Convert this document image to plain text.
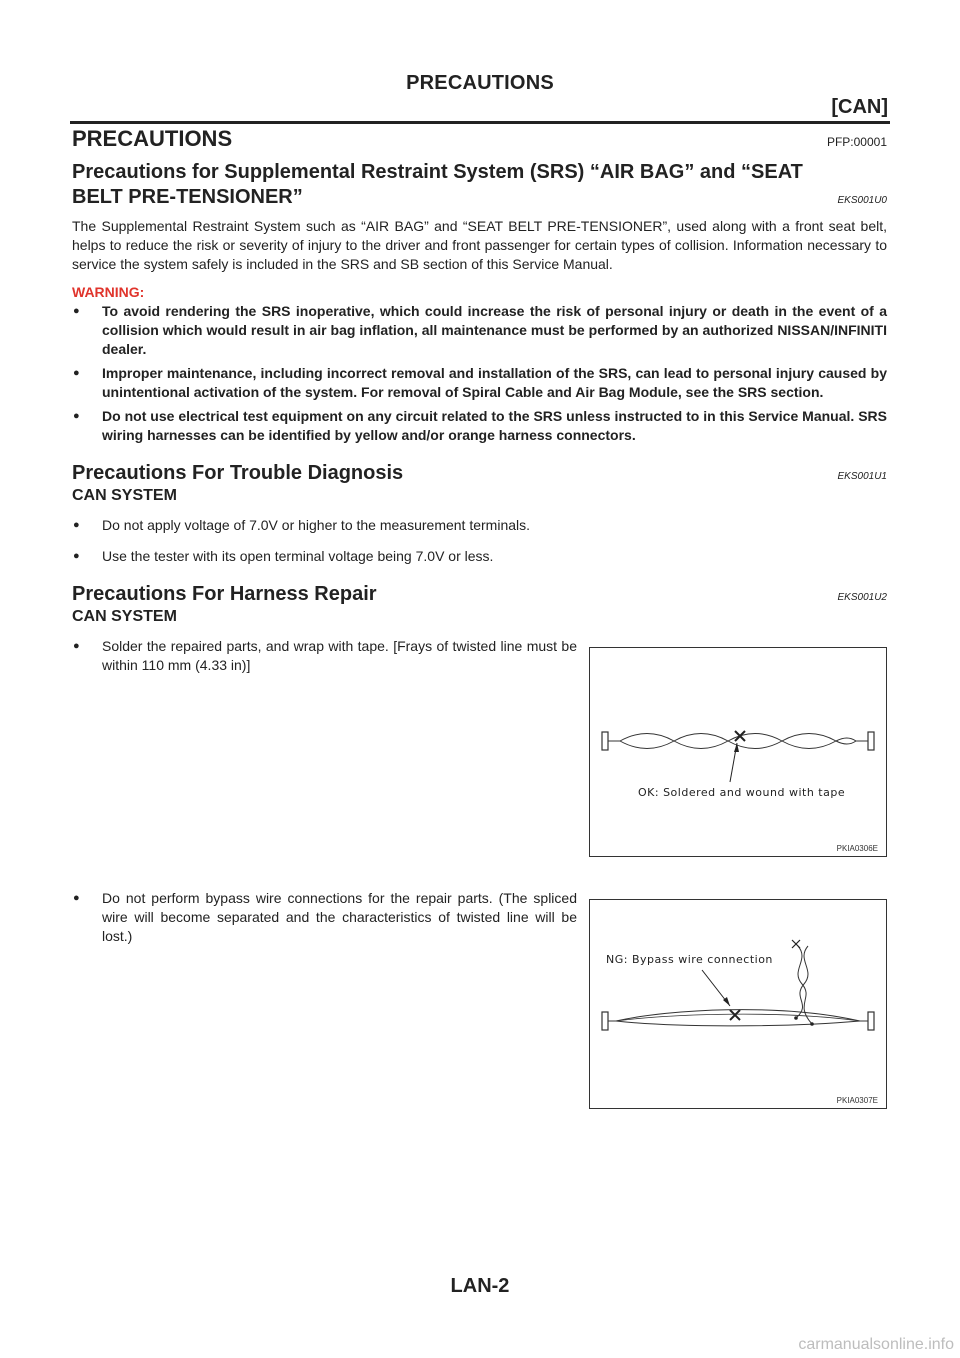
PRECAUTIONS
[CAN]
PRECAUTIONS	PFP:00001
Precautions for Supplemental Restraint System (SRS) “AIR BAG” and “SEAT
BELT PRE-TENSIONER”	EKS001U0

The Supplemental Restraint System such as “AIR BAG” and “SEAT BELT PRE-TENSIONER”, used along with a front seat belt, helps to reduce the risk or severity of injury to the driver and front passenger for certain types of collision. Information necessary to service the system safely is included in the SRS and SB section of this Service Manual.

WARNING:
● To avoid rendering the SRS inoperative, which could increase the risk of personal injury or death in the event of a collision which would result in air bag inflation, all maintenance must be performed by an authorized NISSAN/INFINITI dealer.
● Improper maintenance, including incorrect removal and installation of the SRS, can lead to personal injury caused by unintentional activation of the system. For removal of Spiral Cable and Air Bag Module, see the SRS section.
● Do not use electrical test equipment on any circuit related to the SRS unless instructed to in this Service Manual. SRS wiring harnesses can be identified by yellow and/or orange harness connectors.
Precautions For Trouble Diagnosis	EKS001U1
CAN SYSTEM
● Do not apply voltage of 7.0V or higher to the measurement terminals.
● Use the tester with its open terminal voltage being 7.0V or less.
Precautions For Harness Repair	EKS001U2
CAN SYSTEM
● Solder the repaired parts, and wrap with tape. [Frays of twisted line must be within 110 mm (4.33 in)]
OK: Soldered and wound with tape
PKIA0306E
● Do not perform bypass wire connections for the repair parts. (The spliced wire will become separated and the characteristics of twisted line will be lost.)
NG: Bypass wire connection
PKIA0307E
LAN-2
carmanualsonline.info
